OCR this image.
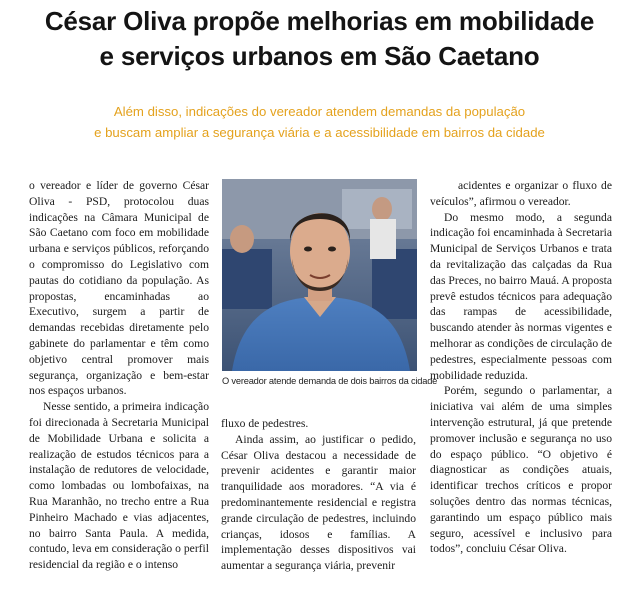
César Oliva propõe melhorias em mobilidade
e serviços urbanos em São Caetano
Além disso, indicações do vereador atendem demandas da população
e buscam ampliar a segurança viária e a acessibilidade em bairros da cidade

o vereador e líder de governo César Oliva - PSD, protocolou duas indicações na Câmara Municipal de São Caetano com foco em mobilidade urbana e serviços públicos, reforçando o compromisso do Legislativo com pautas do cotidiano da população. As propostas, encaminhadas ao Executivo, surgem a partir de demandas recebidas diretamente pelo gabinete do parlamentar e têm como objetivo central promover mais segurança, organização e bem-estar nos espaços urbanos.

Nesse sentido, a primeira indicação foi direcionada à Secretaria Municipal de Mobilidade Urbana e solicita a realização de estudos técnicos para a instalação de redutores de velocidade, como lombadas ou lombofaixas, na Rua Maranhão, no trecho entre a Rua Pinheiro Machado e vias adjacentes, no bairro Santa Paula. A medida, contudo, leva em consideração o perfil residencial da região e o intenso

O vereador atende demanda de dois bairros da cidade

fluxo de pedestres.

Ainda assim, ao justificar o pedido, César Oliva destacou a necessidade de prevenir acidentes e garantir maior tranquilidade aos moradores. “A via é predominantemente residencial e registra grande circulação de pedestres, incluindo crianças, idosos e famílias. A implementação desses dispositivos vai aumentar a segurança viária, prevenir

acidentes e organizar o fluxo de veículos”, afirmou o vereador.

Do mesmo modo, a segunda indicação foi encaminhada à Secretaria Municipal de Serviços Urbanos e trata da revitalização das calçadas da Rua das Preces, no bairro Mauá. A proposta prevê estudos técnicos para adequação das rampas de acessibilidade, buscando atender às normas vigentes e melhorar as condições de circulação de pedestres, especialmente pessoas com mobilidade reduzida.

Porém, segundo o parlamentar, a iniciativa vai além de uma simples intervenção estrutural, já que pretende promover inclusão e segurança no uso do espaço público. “O objetivo é diagnosticar as condições atuais, identificar trechos críticos e propor soluções dentro das normas técnicas, garantindo um espaço público mais seguro, acessível e inclusivo para todos”, concluiu César Oliva.
